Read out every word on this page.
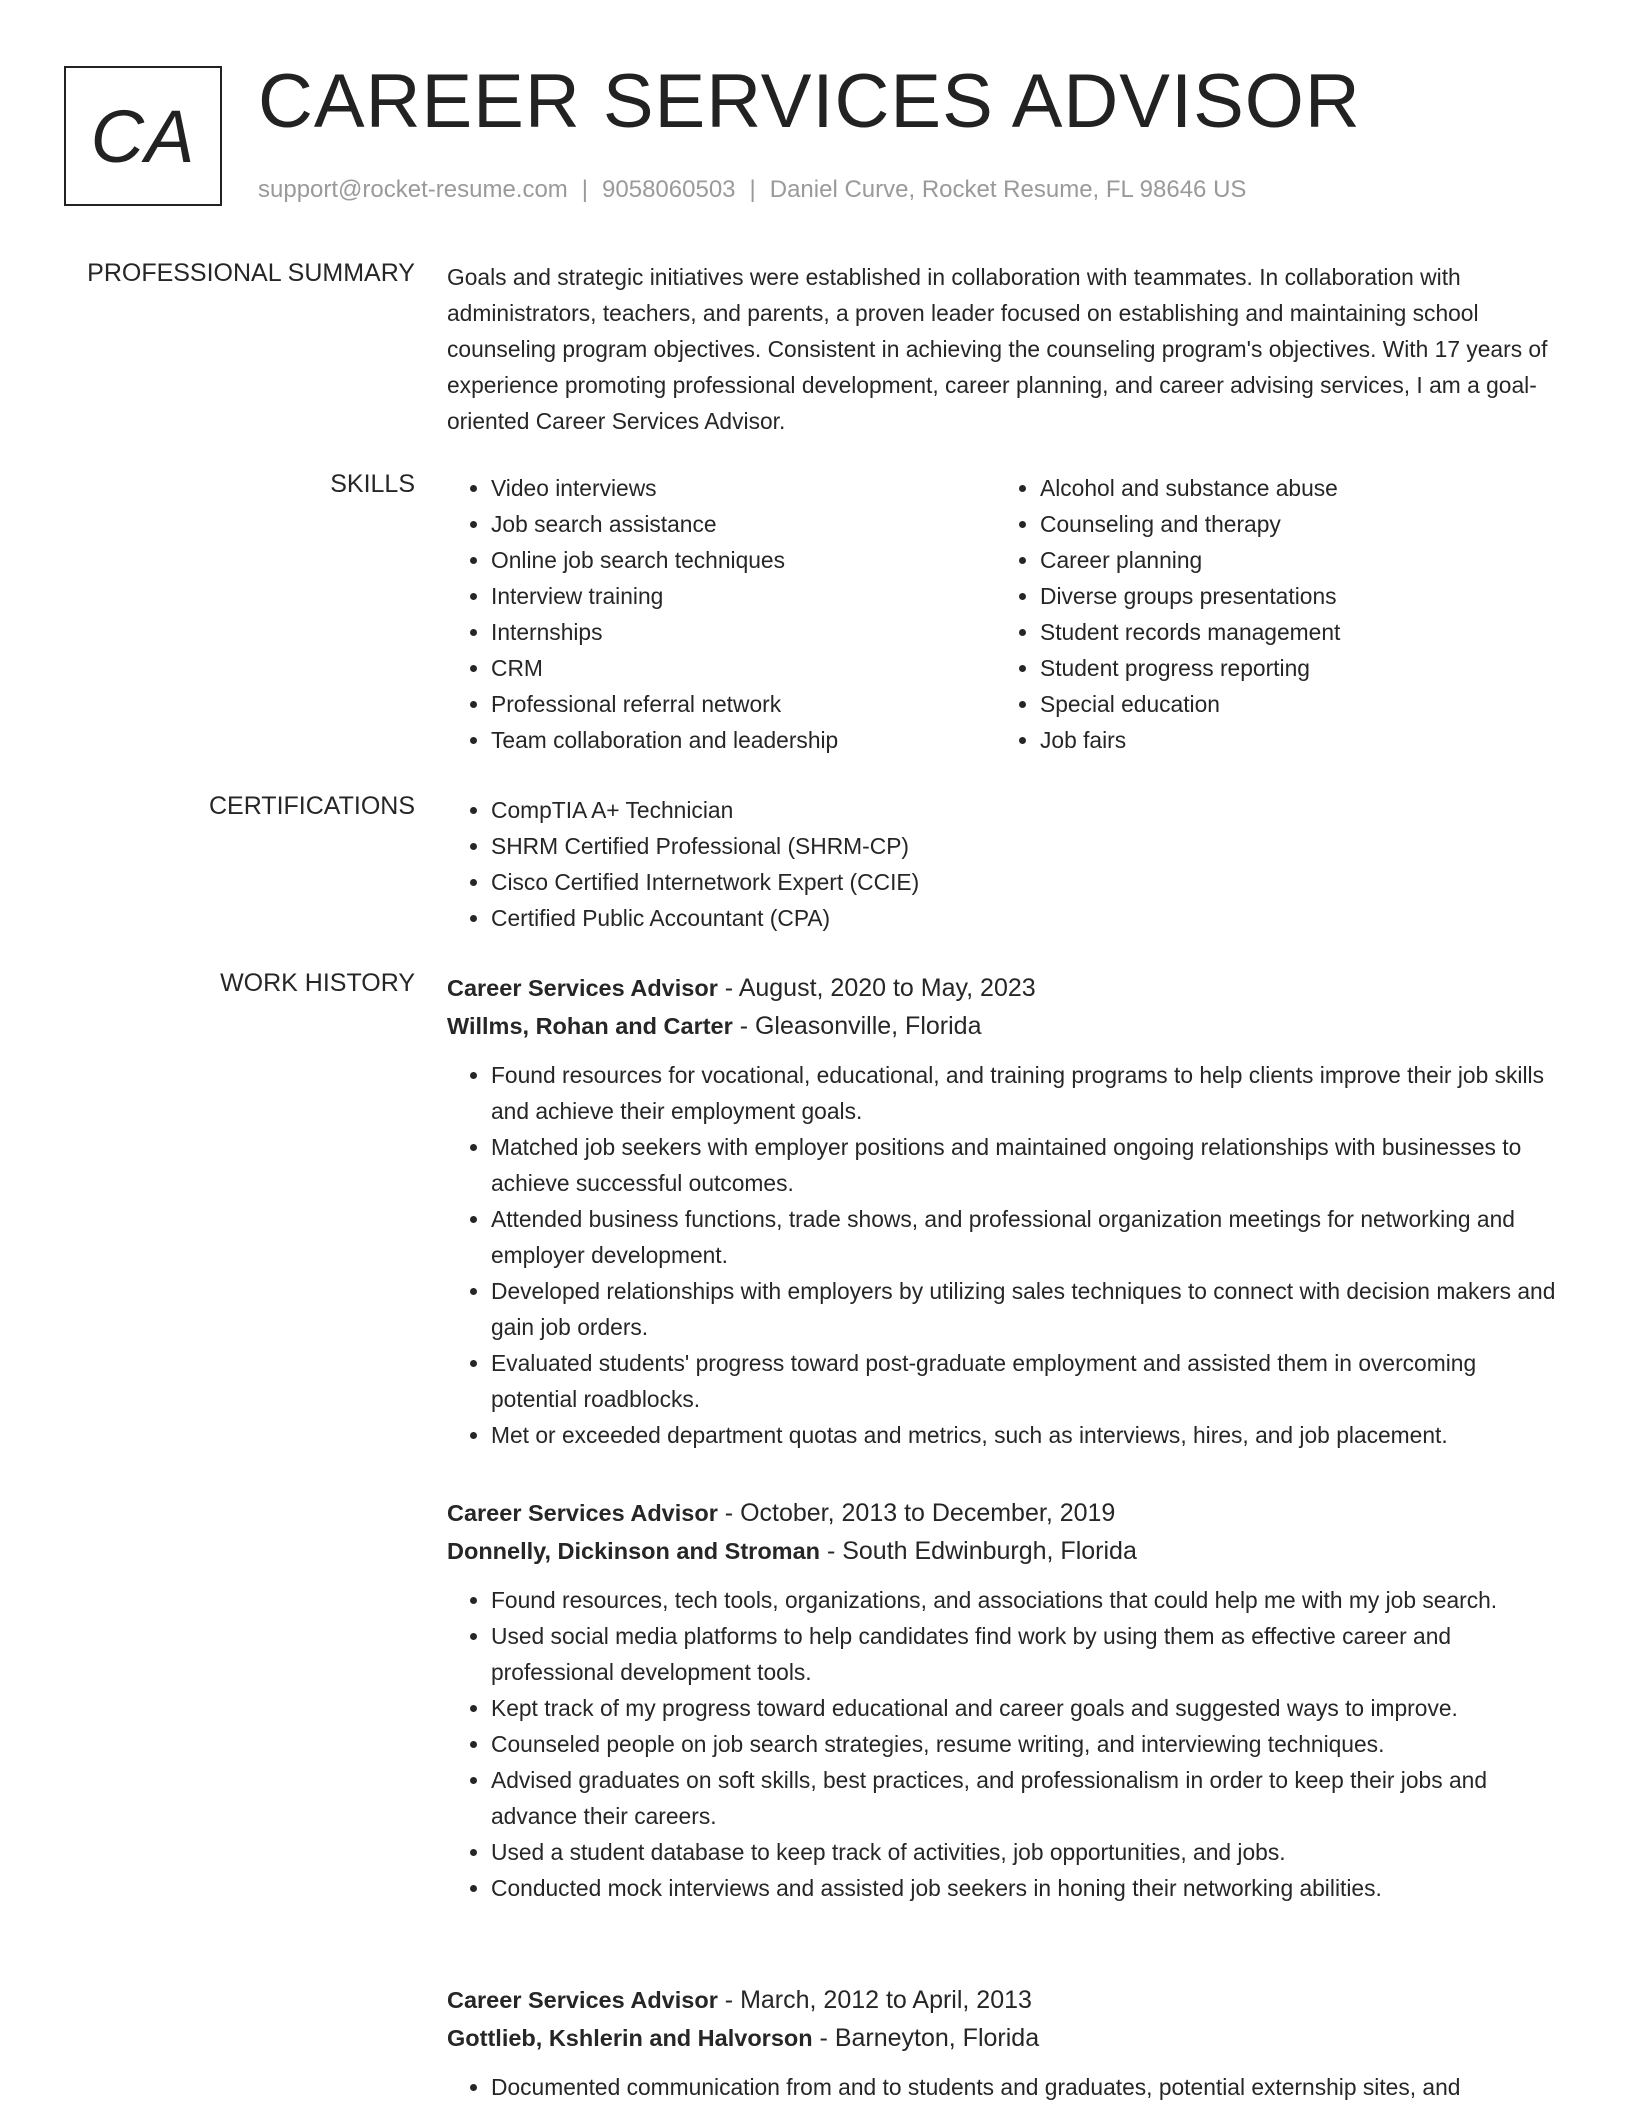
CA CAREER SERVICES ADVISOR
support@rocket-resume.com | 9058060503 | Daniel Curve, Rocket Resume, FL 98646 US
PROFESSIONAL SUMMARY Goals and strategic initiatives were established in collaboration with teammates. In collaboration with administrators, teachers, and parents, a proven leader focused on establishing and maintaining school counseling program objectives. Consistent in achieving the counseling program's objectives. With 17 years of experience promoting professional development, career planning, and career advising services, I am a goal-oriented Career Services Advisor.

SKILLS	• Video interviews
• Job search assistance
• Online job search techniques
• Interview training
• Internships
• CRM
• Professional referral network
• Team collaboration and leadership
• Alcohol and substance abuse
• Counseling and therapy
• Career planning
• Diverse groups presentations
• Student records management
• Student progress reporting
• Special education
• Job fairs
CERTIFICATIONS	• CompTIA A+ Technician
• SHRM Certified Professional (SHRM-CP)
• Cisco Certified Internetwork Expert (CCIE)
• Certified Public Accountant (CPA)
WORK HISTORY Career Services Advisor - August, 2020 to May, 2023
Willms, Rohan and Carter - Gleasonville, Florida
• Found resources for vocational, educational, and training programs to help clients improve their job skills and achieve their employment goals.
• Matched job seekers with employer positions and maintained ongoing relationships with businesses to achieve successful outcomes.
• Attended business functions, trade shows, and professional organization meetings for networking and employer development.
• Developed relationships with employers by utilizing sales techniques to connect with decision makers and gain job orders.
• Evaluated students' progress toward post-graduate employment and assisted them in overcoming potential roadblocks.
• Met or exceeded department quotas and metrics, such as interviews, hires, and job placement.
Career Services Advisor - October, 2013 to December, 2019
Donnelly, Dickinson and Stroman - South Edwinburgh, Florida
• Found resources, tech tools, organizations, and associations that could help me with my job search.
• Used social media platforms to help candidates find work by using them as effective career and professional development tools.
• Kept track of my progress toward educational and career goals and suggested ways to improve.
• Counseled people on job search strategies, resume writing, and interviewing techniques.
• Advised graduates on soft skills, best practices, and professionalism in order to keep their jobs and advance their careers.
• Used a student database to keep track of activities, job opportunities, and jobs.
• Conducted mock interviews and assisted job seekers in honing their networking abilities.
Career Services Advisor - March, 2012 to April, 2013
Gottlieb, Kshlerin and Halvorson - Barneyton, Florida
• Documented communication from and to students and graduates, potential externship sites, and
